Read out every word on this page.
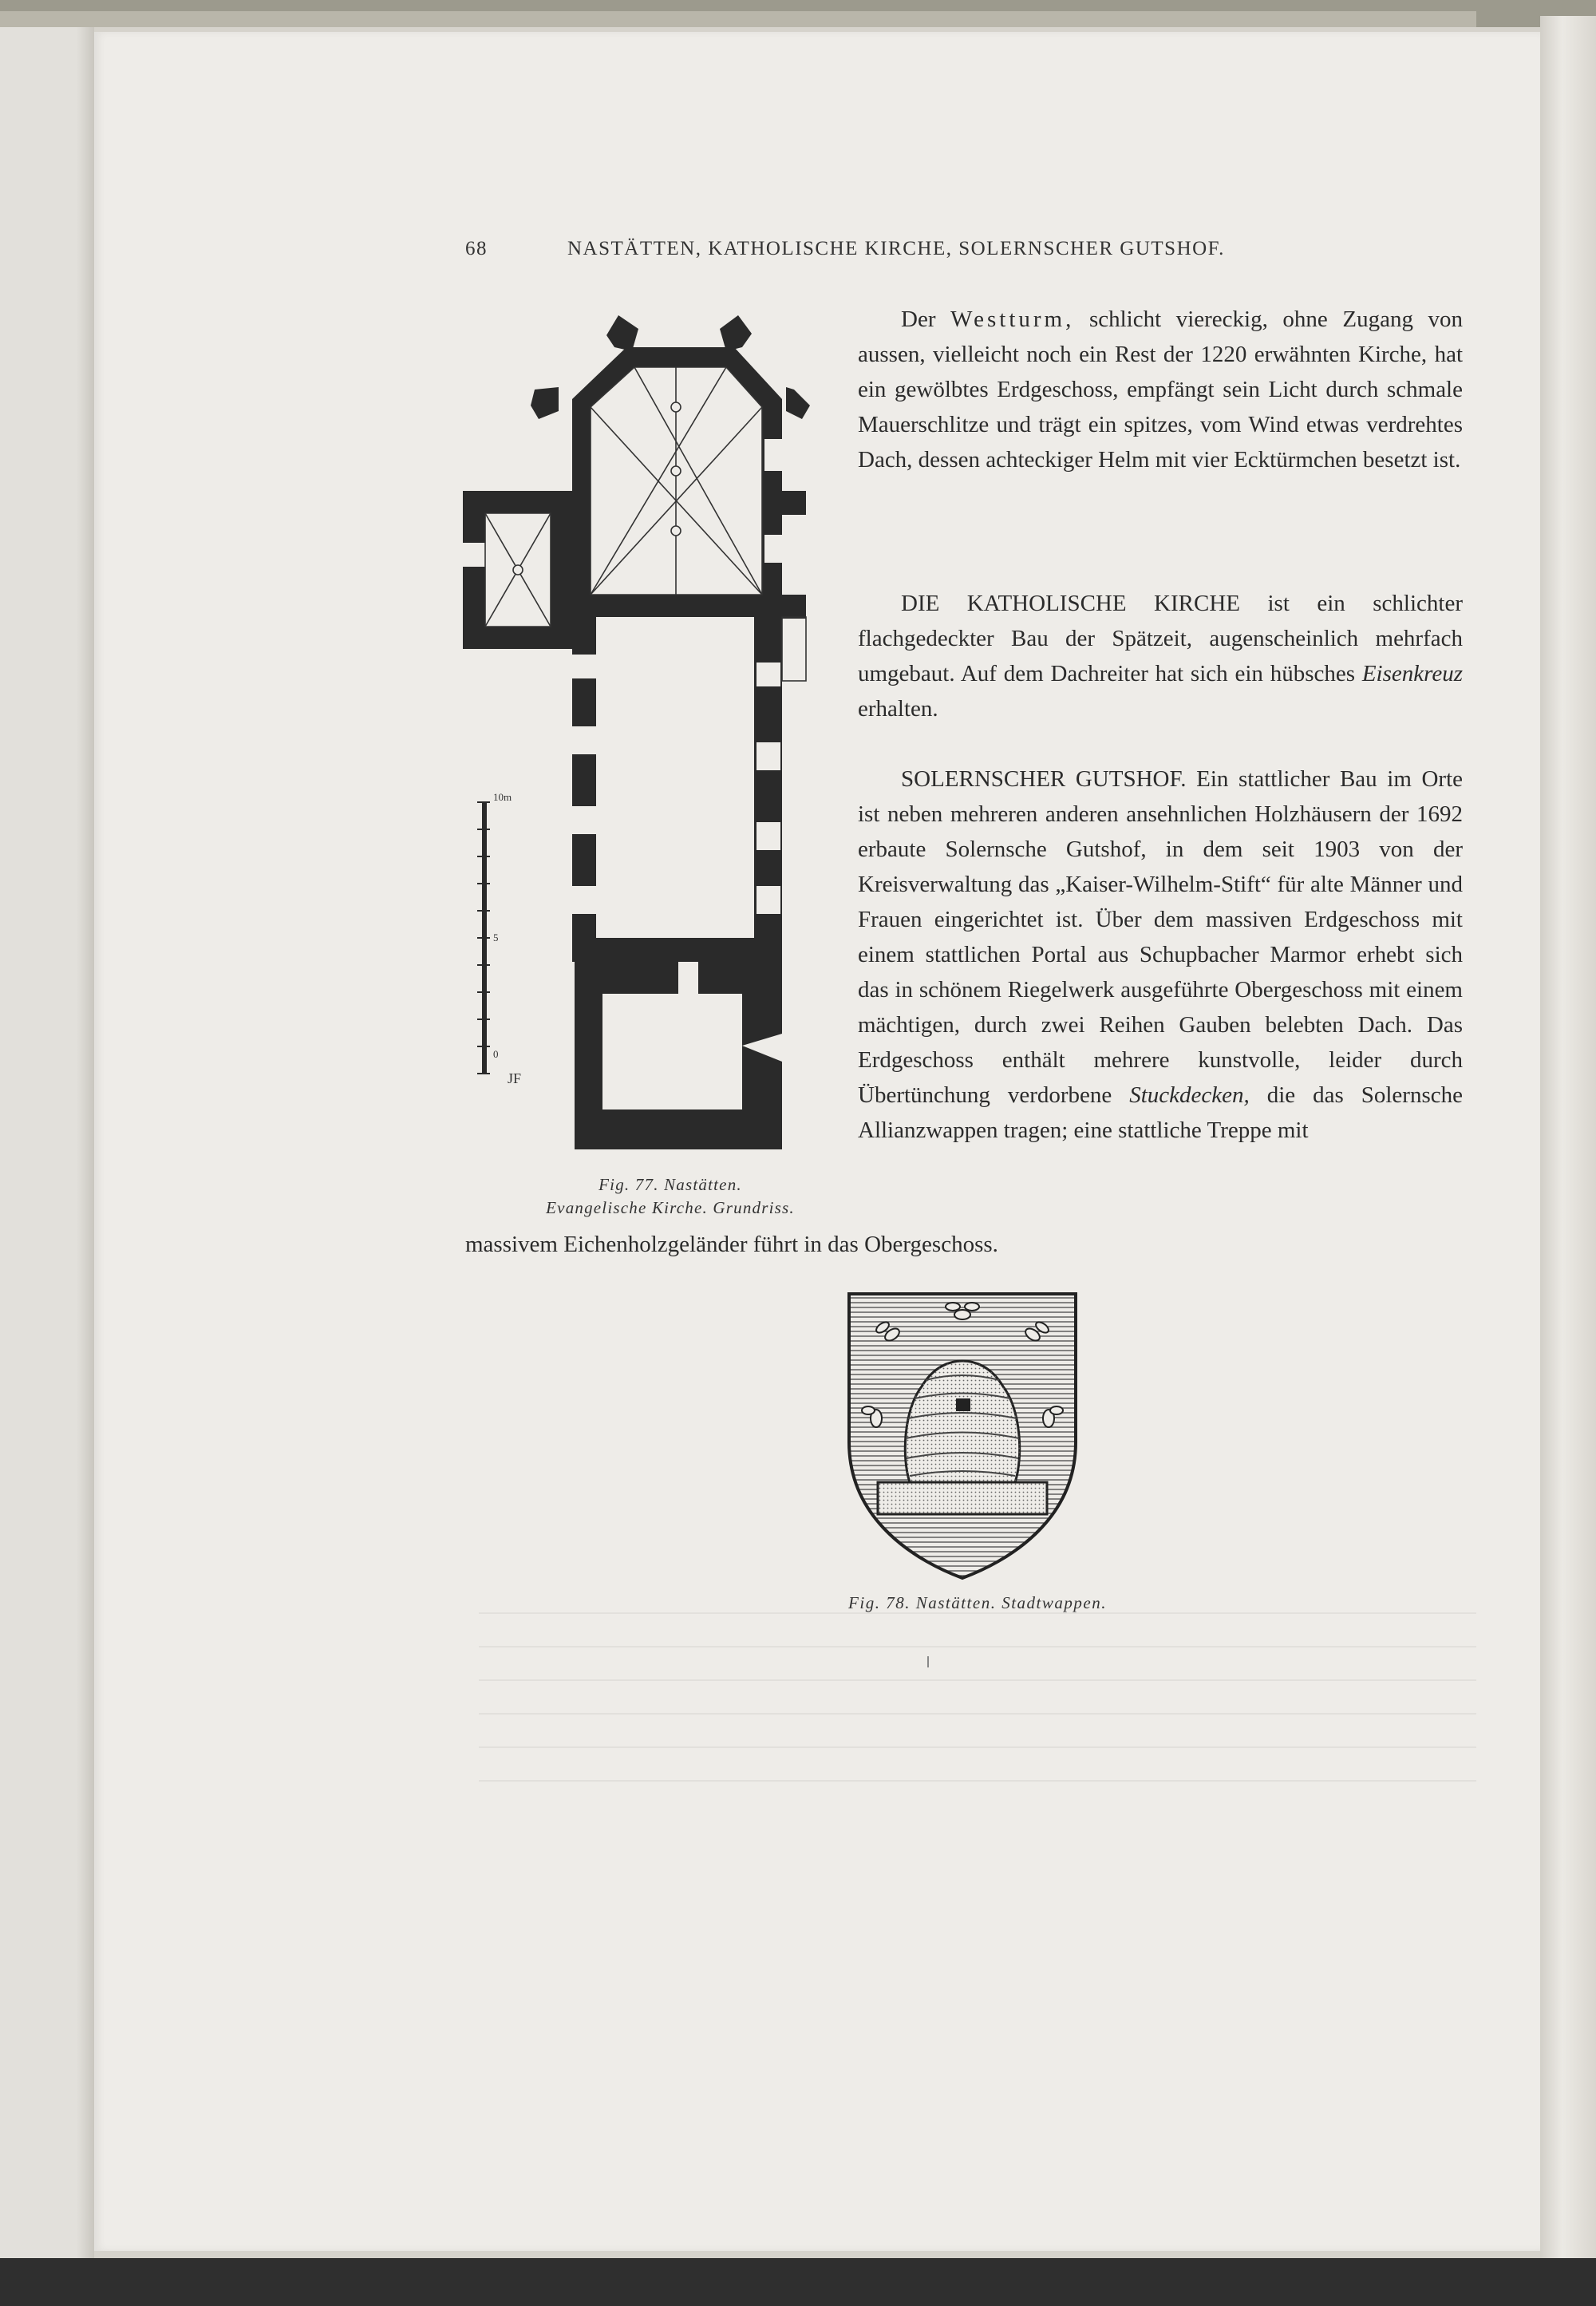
68	NASTÄTTEN, KATHOLISCHE KIRCHE, SOLERNSCHER GUTSHOF.
10m
5
0
JF
Fig. 77. Nastätten.
Evangelische Kirche. Grundriss.

Der Westturm, schlicht viereckig, ohne Zugang von aussen, vielleicht noch ein Rest der 1220 erwähnten Kirche, hat ein gewölbtes Erdgeschoss, empfängt sein Licht durch schmale Mauerschlitze und trägt ein spitzes, vom Wind etwas verdrehtes Dach, dessen achteckiger Helm mit vier Ecktürmchen besetzt ist.

DIE KATHOLISCHE KIRCHE ist ein schlichter flachgedeckter Bau der Spätzeit, augenscheinlich mehrfach umgebaut. Auf dem Dachreiter hat sich ein hübsches Eisenkreuz erhalten.

SOLERNSCHER GUTSHOF. Ein stattlicher Bau im Orte ist neben mehreren anderen ansehnlichen Holzhäusern der 1692 erbaute Solernsche Gutshof, in dem seit 1903 von der Kreisverwaltung das „Kaiser-Wilhelm-Stift“ für alte Männer und Frauen eingerichtet ist. Über dem massiven Erdgeschoss mit einem stattlichen Portal aus Schupbacher Marmor erhebt sich das in schönem Riegelwerk ausgeführte Obergeschoss mit einem mächtigen, durch zwei Reihen Gauben belebten Dach. Das Erdgeschoss enthält mehrere kunstvolle, leider durch Übertünchung verdorbene Stuckdecken, die das Solernsche Allianzwappen tragen; eine stattliche Treppe mit

massivem Eichenholzgeländer führt in das Obergeschoss.
Fig. 78. Nastätten. Stadtwappen.
